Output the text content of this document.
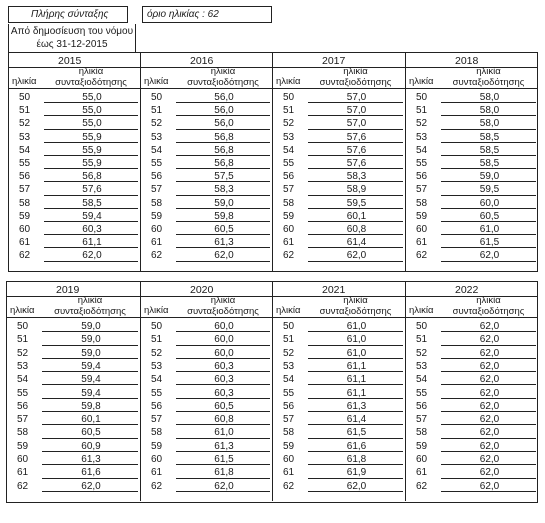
Πλήρης σύνταξης	όριο ηλικίας : 62
Από δημοσίευση του νόμου
έως 31-12-2015
2015
ηλικία
ηλικία
συνταξιοδότησης
50	55,0
51	55,0
52	55,0
53	55,9
54	55,9
55	55,9
56	56,8
57	57,6
58	58,5
59	59,4
60	60,3
61	61,1
62	62,0
2016
ηλικία
ηλικία
συνταξιοδότησης
50	56,0
51	56,0
52	56,0
53	56,8
54	56,8
55	56,8
56	57,5
57	58,3
58	59,0
59	59,8
60	60,5
61	61,3
62	62,0
2017
ηλικία
ηλικία
συνταξιοδότησης
50	57,0
51	57,0
52	57,0
53	57,6
54	57,6
55	57,6
56	58,3
57	58,9
58	59,5
59	60,1
60	60,8
61	61,4
62	62,0
2018
ηλικία
ηλικία
συνταξιοδότησης
50	58,0
51	58,0
52	58,0
53	58,5
54	58,5
55	58,5
56	59,0
57	59,5
58	60,0
59	60,5
60	61,0
61	61,5
62	62,0
2019
ηλικία
ηλικία
συνταξιοδότησης
50	59,0
51	59,0
52	59,0
53	59,4
54	59,4
55	59,4
56	59,8
57	60,1
58	60,5
59	60,9
60	61,3
61	61,6
62	62,0
2020
ηλικία
ηλικία
συνταξιοδότησης
50	60,0
51	60,0
52	60,0
53	60,3
54	60,3
55	60,3
56	60,5
57	60,8
58	61,0
59	61,3
60	61,5
61	61,8
62	62,0
2021
ηλικία
ηλικία
συνταξιοδότησης
50	61,0
51	61,0
52	61,0
53	61,1
54	61,1
55	61,1
56	61,3
57	61,4
58	61,5
59	61,6
60	61,8
61	61,9
62	62,0
2022
ηλικία
ηλικία
συνταξιοδότησης
50	62,0
51	62,0
52	62,0
53	62,0
54	62,0
55	62,0
56	62,0
57	62,0
58	62,0
59	62,0
60	62,0
61	62,0
62	62,0
